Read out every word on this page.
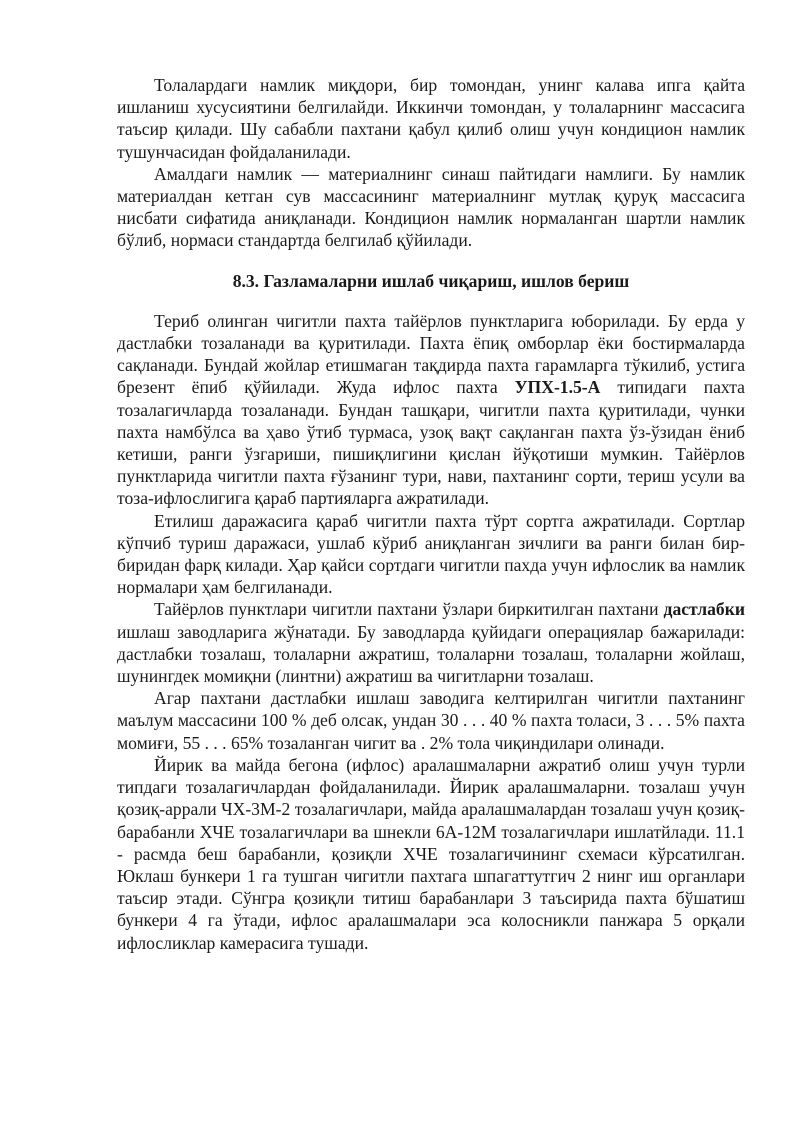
Толалардаги намлик миқдори, бир томондан, унинг калава ипга қайта ишланиш хусусиятини белгилайди. Иккинчи томондан, у толаларнинг массасига таъсир қилади. Шу сабабли пахтани қабул қилиб олиш учун кондицион намлик тушунчасидан фойдаланилади.

Амалдаги намлик — материалнинг синаш пайтидаги намлиги. Бу намлик материалдан кетган сув массасининг материалнинг мутлақ қуруқ массасига нисбати сифатида аниқланади. Кондицион намлик нормаланган шартли намлик бўлиб, нормаси стандартда белгилаб қўйилади.

8.3. Газламаларни ишлаб чиқариш, ишлов бериш

Териб олинган чигитли пахта тайёрлов пунктларига юборилади. Бу ерда у дастлабки тозаланади ва қуритилади. Пахта ёпиқ омборлар ёки бостирмаларда сақланади. Бундай жойлар етишмаган тақдирда пахта гарамларга тўкилиб, устига брезент ёпиб қўйилади. Жуда ифлос пахта УПХ-1.5-А типидаги пахта тозалагичларда тозаланади. Бундан ташқари, чигитли пахта қуритилади, чунки пахта намбўлса ва ҳаво ўтиб турмаса, узоқ вақт сақланган пахта ўз-ўзидан ёниб кетиши, ранги ўзгариши, пишиқлигини қислан йўқотиши мумкин. Тайёрлов пунктларида чигитли пахта ғўзанинг тури, нави, пахтанинг сорти, териш усули ва тоза-ифлослигига қараб партияларга ажратилади.

Етилиш даражасига қараб чигитли пахта тўрт сортга ажратилади. Сортлар кўпчиб туриш даражаси, ушлаб кўриб аниқланган зичлиги ва ранги билан бир-биридан фарқ килади. Ҳар қайси сортдаги чигитли пахда учун ифлослик ва намлик нормалари ҳам белгиланади.

Тайёрлов пунктлари чигитли пахтани ўзлари биркитилган пахтани дастлабки ишлаш заводларига жўнатади. Бу заводларда қуйидаги операциялар бажарилади: дастлабки тозалаш, толаларни ажратиш, толаларни тозалаш, толаларни жойлаш, шунингдек момиқни (линтни) ажратиш ва чигитларни тозалаш.

Агар пахтани дастлабки ишлаш заводига келтирилган чигитли пахтанинг маълум массасини 100 % деб олсак, ундан 30 . . . 40 % пахта толаси, 3 . . . 5% пахта момиғи, 55 . . . 65% тозаланган чигит ва . 2% тола чиқиндилари олинади.

Йирик ва майда бегона (ифлос) аралашмаларни ажратиб олиш учун турли типдаги тозалагичлардан фойдаланилади. Йирик аралашмаларни. тозалаш учун қозиқ-аррали ЧХ-3М-2 тозалагичлари, майда аралашмалардан тозалаш учун қозиқ-барабанли ХЧЕ тозалагичлари ва шнекли 6А-12М тозалагичлари ишлатйлади. 11.1 - расмда беш барабанли, қозиқли ХЧЕ тозалагичининг схемаси кўрсатилган. Юклаш бункери 1 га тушган чигитли пахтага шпагаттутгич 2 нинг иш органлари таъсир этади. Сўнгра қозиқли титиш барабанлари 3 таъсирида пахта бўшатиш бункери 4 га ўтади, ифлос аралашмалари эса колосникли панжара 5 орқали ифлосликлар камерасига тушади.
